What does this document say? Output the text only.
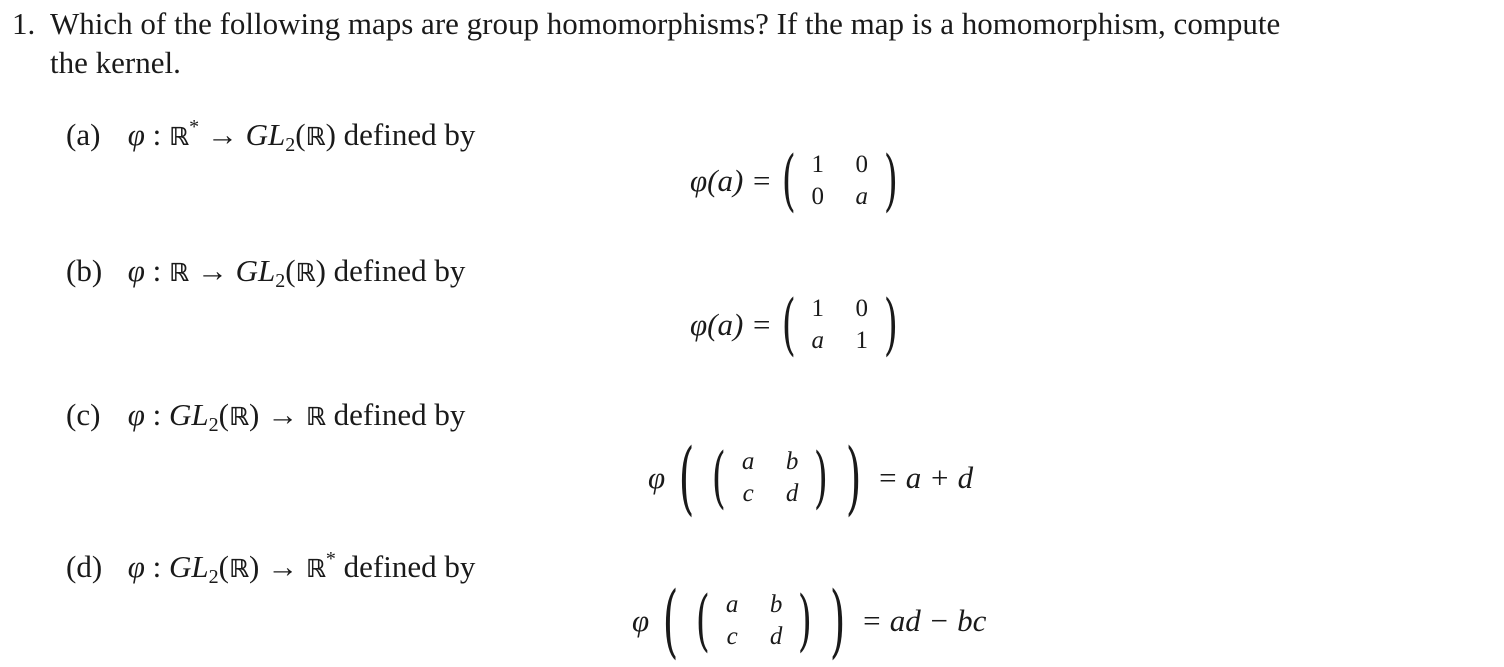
1. Which of the following maps are group homomorphisms? If the map is a homomorphism, compute
the kernel.
(a) φ : ℝ* → $GL_2(ℝ)$ defined by
φ(a) = ( 1 0
0 a )
(b) φ : ℝ → $GL_2(ℝ)$ defined by
φ(a) = ( 1 0
a 1 )
(c) φ : $GL_2(ℝ)$ → ℝ defined by
φ ( ( a b
c d ) ) = a + d
(d) φ : $GL_2(ℝ)$ → ℝ* defined by
φ ( ( a b
c d ) ) = ad − bc
